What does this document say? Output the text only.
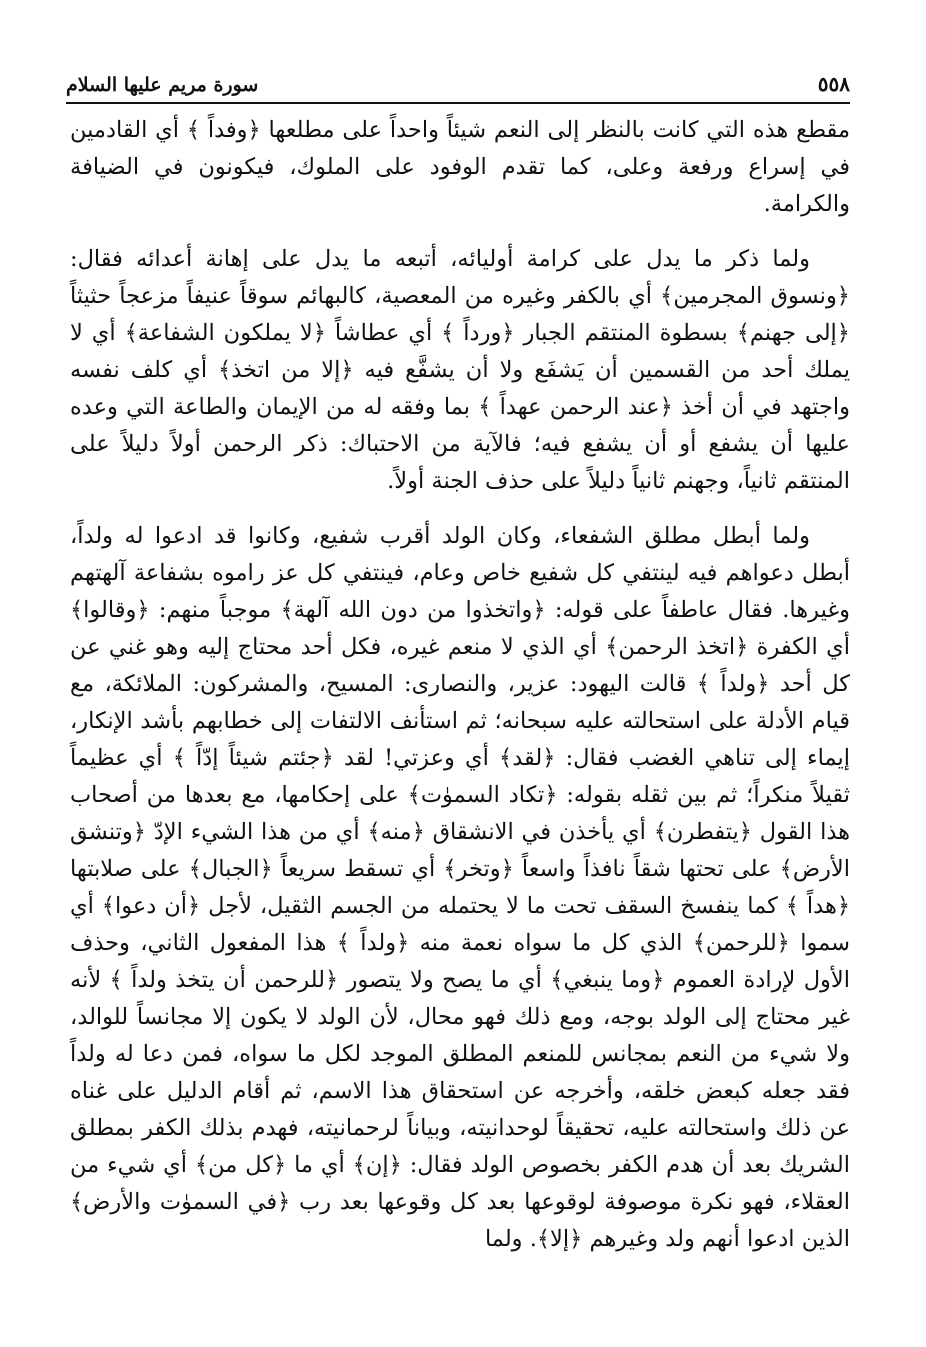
سورة مريم عليها السلام	٥٥٨

مقطع هذه التي كانت بالنظر إلى النعم شيئاً واحداً على مطلعها ﴿وفداً ﴾ أي القادمين في إسراع ورفعة وعلى، كما تقدم الوفود على الملوك، فيكونون في الضيافة والكرامة.

ولما ذكر ما يدل على كرامة أوليائه، أتبعه ما يدل على إهانة أعدائه فقال: ﴿ونسوق المجرمين﴾ أي بالكفر وغيره من المعصية، كالبهائم سوقاً عنيفاً مزعجاً حثيثاً ﴿إلى جهنم﴾ بسطوة المنتقم الجبار ﴿ورداً ﴾ أي عطاشاً ﴿لا يملكون الشفاعة﴾ أي لا يملك أحد من القسمين أن يَشفَع ولا أن يشفَّع فيه ﴿إلا من اتخذ﴾ أي كلف نفسه واجتهد في أن أخذ ﴿عند الرحمن عهداً ﴾ بما وفقه له من الإيمان والطاعة التي وعده عليها أن يشفع أو أن يشفع فيه؛ فالآية من الاحتباك: ذكر الرحمن أولاً دليلاً على المنتقم ثانياً، وجهنم ثانياً دليلاً على حذف الجنة أولاً.

ولما أبطل مطلق الشفعاء، وكان الولد أقرب شفيع، وكانوا قد ادعوا له ولداً، أبطل دعواهم فيه لينتفي كل شفيع خاص وعام، فينتفي كل عز راموه بشفاعة آلهتهم وغيرها. فقال عاطفاً على قوله: ﴿واتخذوا من دون الله آلهة﴾ موجباً منهم: ﴿وقالوا﴾ أي الكفرة ﴿اتخذ الرحمن﴾ أي الذي لا منعم غيره، فكل أحد محتاج إليه وهو غني عن كل أحد ﴿ولداً ﴾ قالت اليهود: عزير، والنصارى: المسيح، والمشركون: الملائكة، مع قيام الأدلة على استحالته عليه سبحانه؛ ثم استأنف الالتفات إلى خطابهم بأشد الإنكار، إيماء إلى تناهي الغضب فقال: ﴿لقد﴾ أي وعزتي! لقد ﴿جئتم شيئاً إدّاً ﴾ أي عظيماً ثقيلاً منكراً؛ ثم بين ثقله بقوله: ﴿تكاد السموٰت﴾ على إحكامها، مع بعدها من أصحاب هذا القول ﴿يتفطرن﴾ أي يأخذن في الانشقاق ﴿منه﴾ أي من هذا الشيء الإدّ ﴿وتنشق الأرض﴾ على تحتها شقاً نافذاً واسعاً ﴿وتخر﴾ أي تسقط سريعاً ﴿الجبال﴾ على صلابتها ﴿هداً ﴾ كما ينفسخ السقف تحت ما لا يحتمله من الجسم الثقيل، لأجل ﴿أن دعوا﴾ أي سموا ﴿للرحمن﴾ الذي كل ما سواه نعمة منه ﴿ولداً ﴾ هذا المفعول الثاني، وحذف الأول لإرادة العموم ﴿وما ينبغي﴾ أي ما يصح ولا يتصور ﴿للرحمن أن يتخذ ولداً ﴾ لأنه غير محتاج إلى الولد بوجه، ومع ذلك فهو محال، لأن الولد لا يكون إلا مجانساً للوالد، ولا شيء من النعم بمجانس للمنعم المطلق الموجد لكل ما سواه، فمن دعا له ولداً فقد جعله كبعض خلقه، وأخرجه عن استحقاق هذا الاسم، ثم أقام الدليل على غناه عن ذلك واستحالته عليه، تحقيقاً لوحدانيته، وبياناً لرحمانيته، فهدم بذلك الكفر بمطلق الشريك بعد أن هدم الكفر بخصوص الولد فقال: ﴿إن﴾ أي ما ﴿كل من﴾ أي شيء من العقلاء، فهو نكرة موصوفة لوقوعها بعد كل وقوعها بعد رب ﴿في السموٰت والأرض﴾ الذين ادعوا أنهم ولد وغيرهم ﴿إلا﴾. ولما
